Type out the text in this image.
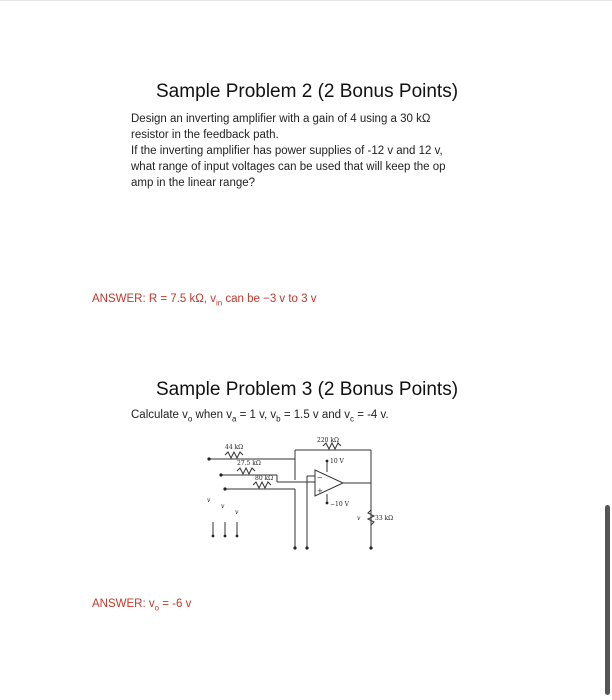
Sample Problem 2 (2 Bonus Points)
Design an inverting amplifier with a gain of 4 using a 30 kΩ
resistor in the feedback path.
If the inverting amplifier has power supplies of -12 v and 12 v,
what range of input voltages can be used that will keep the op
amp in the linear range?
ANSWER: R = 7.5 kΩ, $v_{in}$ can be −3 v to 3 v
Sample Problem 3 (2 Bonus Points)
Calculate $v_o$ when $v_a = 1$ v, $v_b = 1.5$ v and $v_c = -4$ v.
220 kΩ
44 kΩ
27.5 kΩ
80 kΩ
10 V
−10 V
33 kΩ
v
v
v
v
−
+
ANSWER: $v_o = -6$ v
